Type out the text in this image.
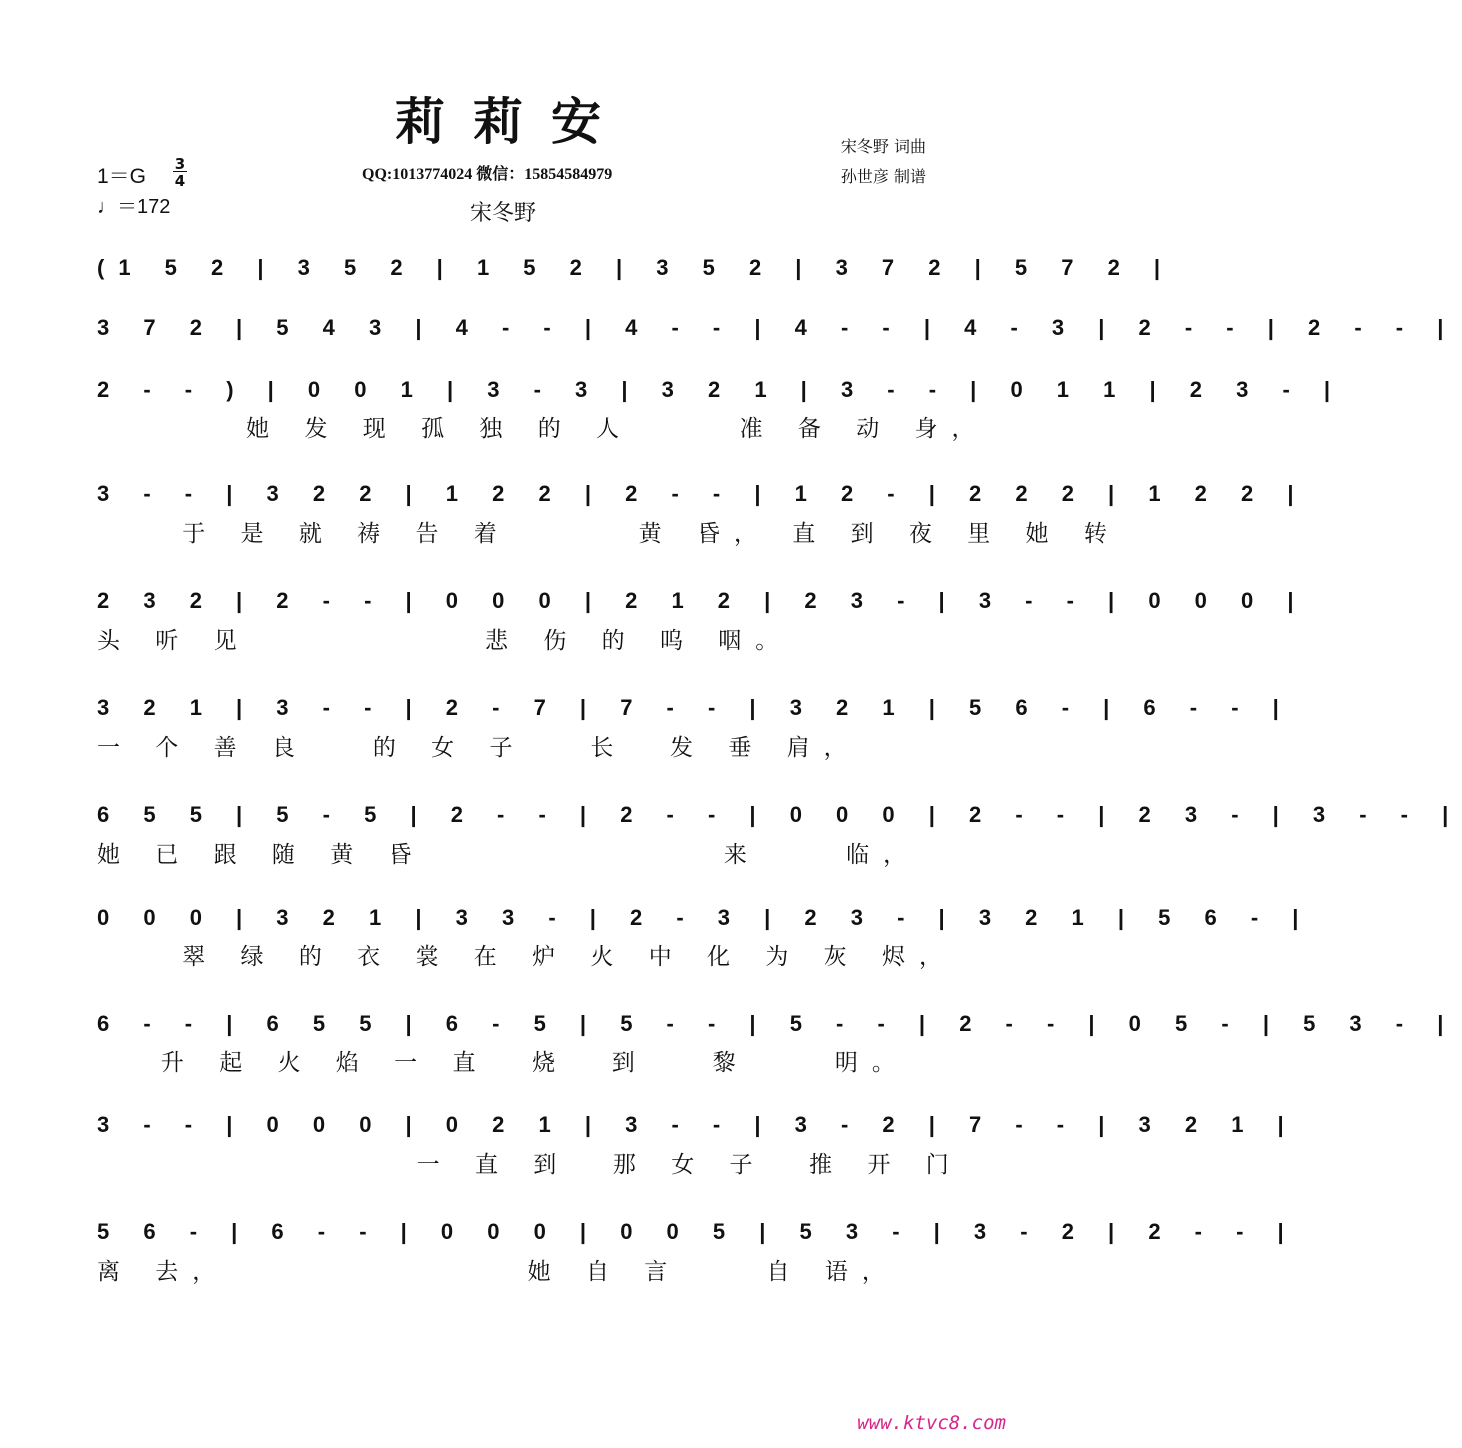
莉莉安
QQ:1013774024 微信：15854584979
宋冬野 词曲
孙世彦 制谱
宋冬野
1＝G
3
4
♩＝172
(1 5 2 | 3 5 2 | 1 5 2 | 3 5 2 | 3 7 2 | 5 7 2 |
3 7 2 | 5 4 3 | 4 - - | 4 - - | 4 - - | 4 - 3 | 2 - - | 2 - - |
2 - - ) | 0 0 1 | 3 - 3 | 3 2 1 | 3 - - | 0 1 1 | 2 3 - |
她 发 现 孤 独 的 人     准 备 动 身，
3 - - | 3 2 2 | 1 2 2 | 2 - - | 1 2 - | 2 2 2 | 1 2 2 |
于 是 就 祷 告 着      黄 昏， 直 到 夜 里 她 转
2 3 2 | 2 - - | 0 0 0 | 2 1 2 | 2 3 - | 3 - - | 0 0 0 |
头 听 见           悲 伤 的 呜 咽。
3 2 1 | 3 - - | 2 - 7 | 7 - - | 3 2 1 | 5 6 - | 6 - - |
一 个 善 良   的 女 子   长  发 垂 肩，
6 5 5 | 5 - 5 | 2 - - | 2 - - | 0 0 0 | 2 - - | 2 3 - | 3 - - |
她 已 跟 随 黄 昏              来    临，
0 0 0 | 3 2 1 | 3 3 - | 2 - 3 | 2 3 - | 3 2 1 | 5 6 - |
翠 绿 的 衣 裳 在 炉 火 中 化 为 灰 烬，
6 - - | 6 5 5 | 6 - 5 | 5 - - | 5 - - | 2 - - | 0 5 - | 5 3 - |
升 起 火 焰 一 直  烧  到   黎    明。
3 - - | 0 0 0 | 0 2 1 | 3 - - | 3 - 2 | 7 - - | 3 2 1 |
一 直 到  那 女 子  推 开 门
5 6 - | 6 - - | 0 0 0 | 0 0 5 | 5 3 - | 3 - 2 | 2 - - |
离 去，              她 自 言    自 语，
www.ktvc8.com
